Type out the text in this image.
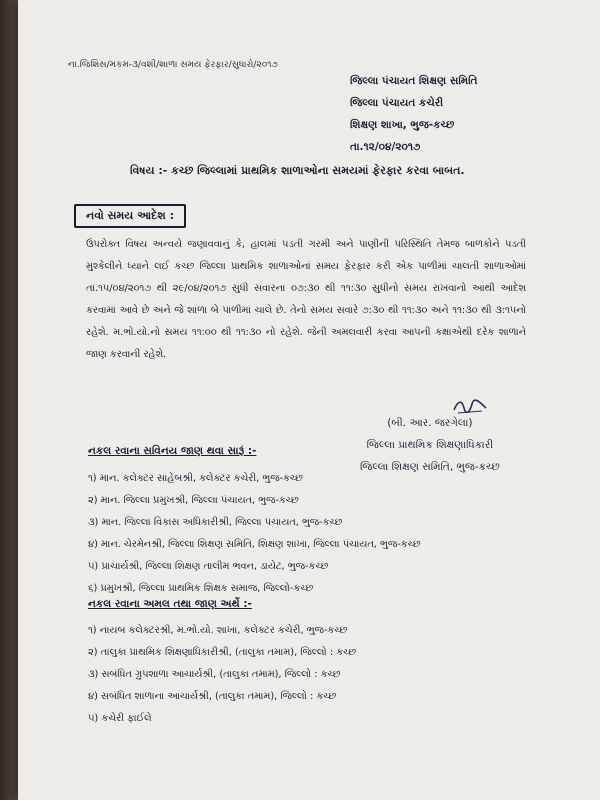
ના.જિશિસ/મકમ-૩/વશી/શાળા સમય ફેરફાર/સુધારો/૨૦૧૭
જિલ્લા પંચાયત શિક્ષણ સમિતિ
જિલ્લા પંચાયત કચેરી
શિક્ષણ શાખા, ભુજ-કચ્છ
તા.૧૨/૦૪/૨૦૧૭
વિષય :- કચ્છ જિલ્લામાં પ્રાથમિક શાળાઓના સમયમાં ફેરફાર કરવા બાબત.
નવો સમય આદેશ :

ઉપરોક્ત વિષય અન્વયે જણાવવાનું કે, હાલમાં પડતી ગરમી અને પાણીની પરિસ્થિતિ તેમજ બાળકોને પડતી મુશ્કેલીને ધ્યાને લઈ કચ્છ જિલ્લા પ્રાથમિક શાળાઓનાં સમય ફેરફાર કરી એક પાળીમાં ચાલતી શાળાઓમાં તા.૧૫/૦૪/૨૦૧૭ થી ૨૯/૦૪/૨૦૧૭ સુધી સવારના ૦૭:૩૦ થી ૧૧:૩૦ સુધીનો સમય રાખવાનો આથી આદેશ કરવામાં આવે છે અને જે શાળા બે પાળીમાં ચાલે છે. તેનો સમય સવારે ૭:૩૦ થી ૧૧:૩૦ અને ૧૧:૩૦ થી ૩:૧૫નો રહેશે. મ.ભો.યો.નો સમય ૧૧:૦૦ થી ૧૧:૩૦ નો રહેશે. જેની અમલવારી કરવા આપની કક્ષાએથી દરેક શાળાને જાણ કરવાની રહેશે.

(બી. આર. જરગેલા)
જિલ્લા પ્રાથમિક શિક્ષણાધિકારી
જિલ્લા શિક્ષણ સમિતિ, ભુજ-કચ્છ
નકલ રવાના સવિનય જાણ થવા સારૂં :-
૧) માન. કલેક્ટર સાહેબશ્રી, કલેક્ટર કચેરી, ભુજ-કચ્છ
૨) માન. જિલ્લા પ્રમુખશ્રી, જિલ્લા પંચાયત, ભુજ-કચ્છ
૩) માન. જિલ્લા વિકાસ અધિકારીશ્રી, જિલ્લા પંચાયત, ભુજ-કચ્છ
૪) માન. ચેરમેનશ્રી, જિલ્લા શિક્ષણ સમિતિ, શિક્ષણ શાખા, જિલ્લા પંચાયત, ભુજ-કચ્છ
૫) પ્રાચાર્યશ્રી, જિલ્લા શિક્ષણ તાલીમ ભવન, ડાયેટ, ભુજ-કચ્છ
૬) પ્રમુખશ્રી, જિલ્લા પ્રાથમિક શિક્ષક સમાજ, જિલ્લો-કચ્છ
નકલ રવાના અમલ તથા જાણ અર્થે :-
૧) નાયબ કલેક્ટરશ્રી, મ.ભો.યો. શાખા, કલેક્ટર કચેરી, ભુજ-કચ્છ
૨) તાલુકા પ્રાથમિક શિક્ષણાધિકારીશ્રી, (તાલુકા તમામ), જિલ્લો : કચ્છ
૩) સબંધિત ગ્રુપશાળા આચાર્યશ્રી, (તાલુકા તમામ), જિલ્લો : કચ્છ
૪) સબંધિત શાળાના આચાર્યશ્રી, (તાલુકા તમામ), જિલ્લો : કચ્છ
૫) કચેરી ફાઈલે
